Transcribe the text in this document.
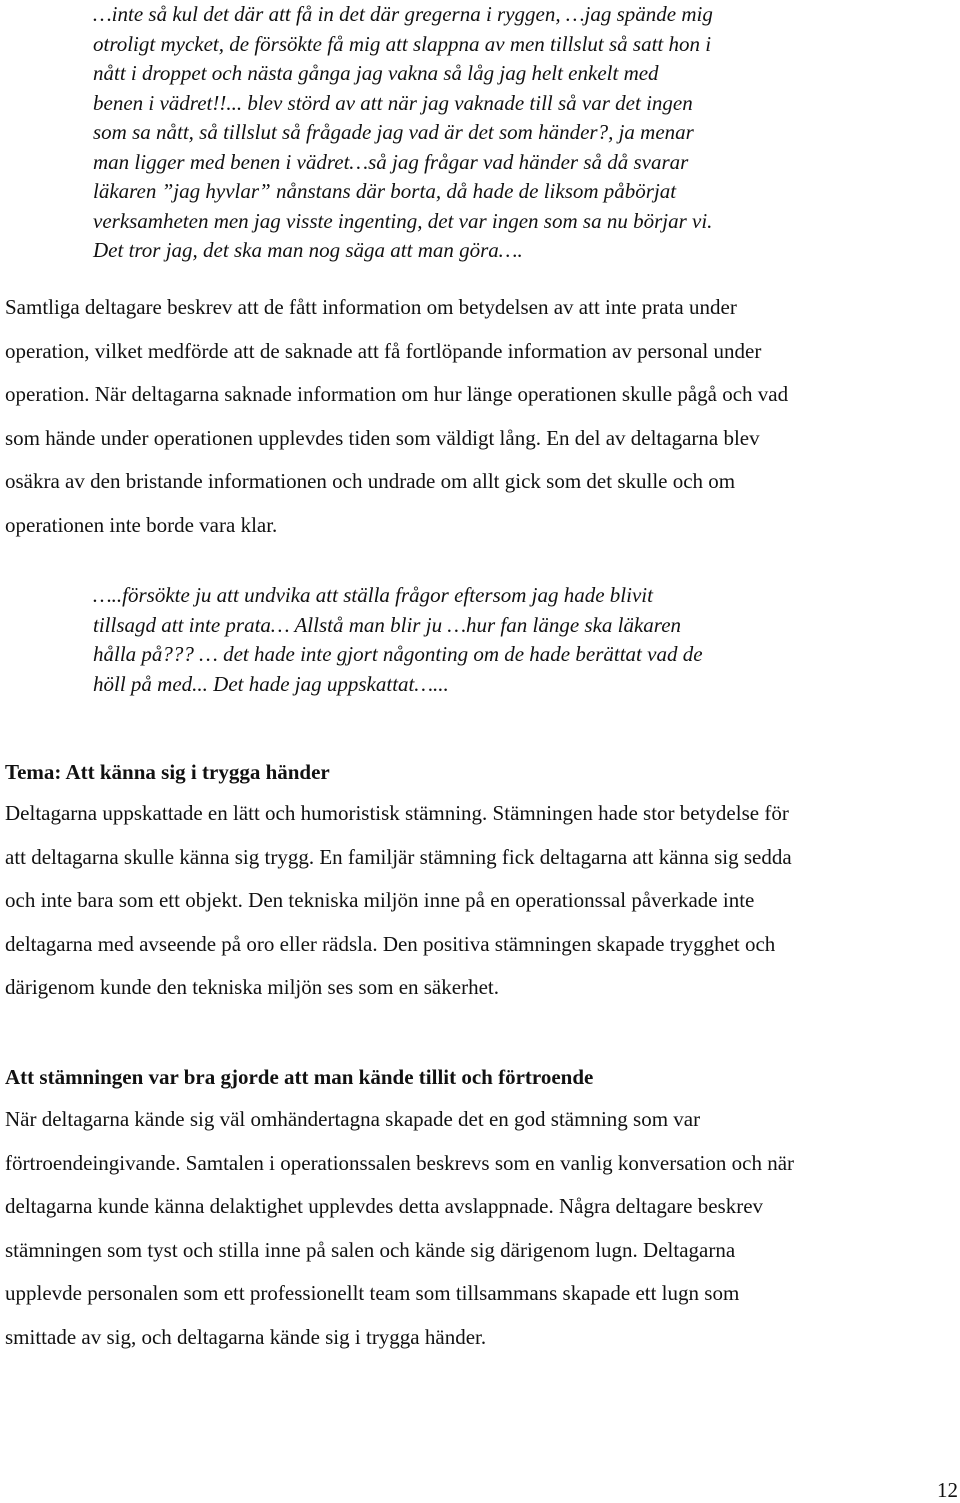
…inte så kul det där att få in det där gregerna i ryggen, …jag spände mig
otroligt mycket, de försökte få mig att slappna av men tillslut så satt hon i
nått i droppet och nästa gånga jag vakna så låg jag helt enkelt med
benen i vädret!!... blev störd av att när jag vaknade till så var det ingen
som sa nått, så tillslut så frågade jag vad är det som händer?, ja menar
man ligger med benen i vädret…så jag frågar vad händer så då svarar
läkaren ”jag hyvlar” nånstans där borta, då hade de liksom påbörjat
verksamheten men jag visste ingenting, det var ingen som sa nu börjar vi.
Det tror jag, det ska man nog säga att man göra….

Samtliga deltagare beskrev att de fått information om betydelsen av att inte prata under
operation, vilket medförde att de saknade att få fortlöpande information av personal under
operation. När deltagarna saknade information om hur länge operationen skulle pågå och vad
som hände under operationen upplevdes tiden som väldigt lång. En del av deltagarna blev
osäkra av den bristande informationen och undrade om allt gick som det skulle och om
operationen inte borde vara klar.

…..försökte ju att undvika att ställa frågor eftersom jag hade blivit
tillsagd att inte prata… Allstå man blir ju …hur fan länge ska läkaren
hålla på??? … det hade inte gjort någonting om de hade berättat vad de
höll på med... Det hade jag uppskattat…...

Tema: Att känna sig i trygga händer

Deltagarna uppskattade en lätt och humoristisk stämning. Stämningen hade stor betydelse för
att deltagarna skulle känna sig trygg. En familjär stämning fick deltagarna att känna sig sedda
och inte bara som ett objekt. Den tekniska miljön inne på en operationssal påverkade inte
deltagarna med avseende på oro eller rädsla. Den positiva stämningen skapade trygghet och
därigenom kunde den tekniska miljön ses som en säkerhet.

Att stämningen var bra gjorde att man kände tillit och förtroende

När deltagarna kände sig väl omhändertagna skapade det en god stämning som var
förtroendeingivande. Samtalen i operationssalen beskrevs som en vanlig konversation och när
deltagarna kunde känna delaktighet upplevdes detta avslappnade. Några deltagare beskrev
stämningen som tyst och stilla inne på salen och kände sig därigenom lugn. Deltagarna
upplevde personalen som ett professionellt team som tillsammans skapade ett lugn som
smittade av sig, och deltagarna kände sig i trygga händer.

12
